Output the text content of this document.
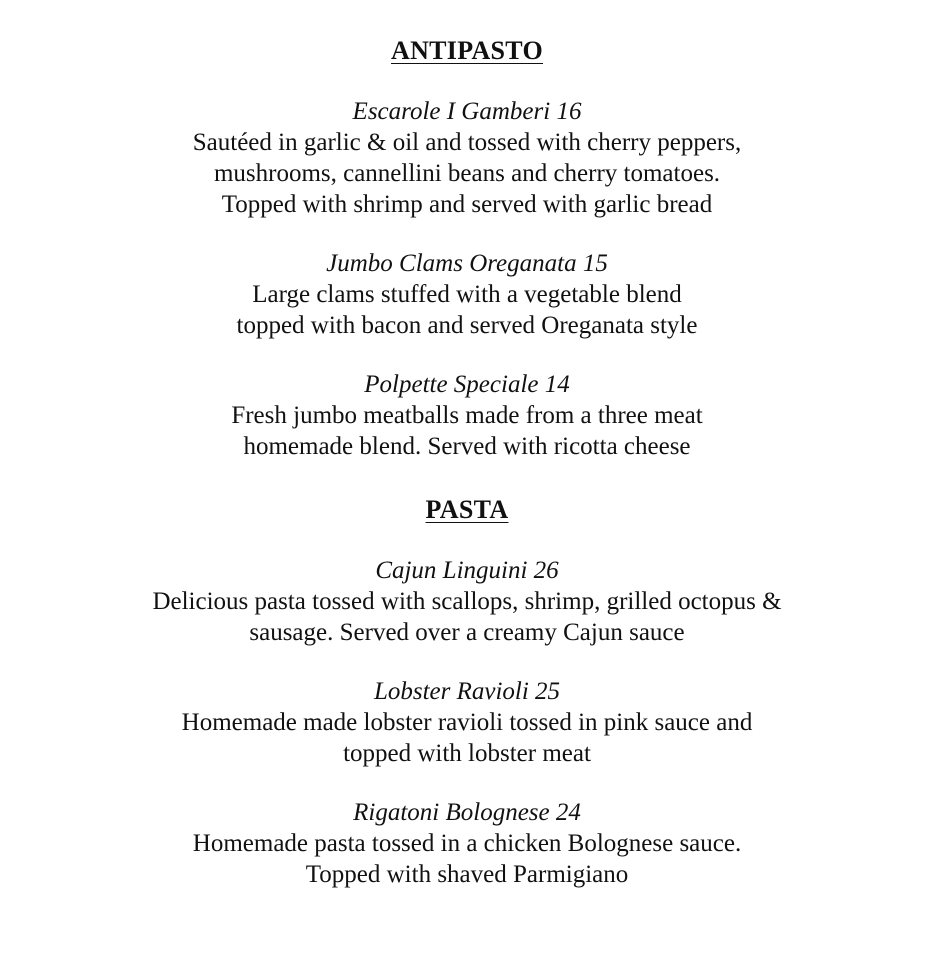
ANTIPASTO
Escarole I Gamberi 16
Sautéed in garlic & oil and tossed with cherry peppers,
mushrooms, cannellini beans and cherry tomatoes.
Topped with shrimp and served with garlic bread
Jumbo Clams Oreganata 15
Large clams stuffed with a vegetable blend
topped with bacon and served Oreganata style
Polpette Speciale 14
Fresh jumbo meatballs made from a three meat
homemade blend. Served with ricotta cheese
PASTA
Cajun Linguini 26
Delicious pasta tossed with scallops, shrimp, grilled octopus &
sausage. Served over a creamy Cajun sauce
Lobster Ravioli 25
Homemade made lobster ravioli tossed in pink sauce and
topped with lobster meat
Rigatoni Bolognese 24
Homemade pasta tossed in a chicken Bolognese sauce.
Topped with shaved Parmigiano
